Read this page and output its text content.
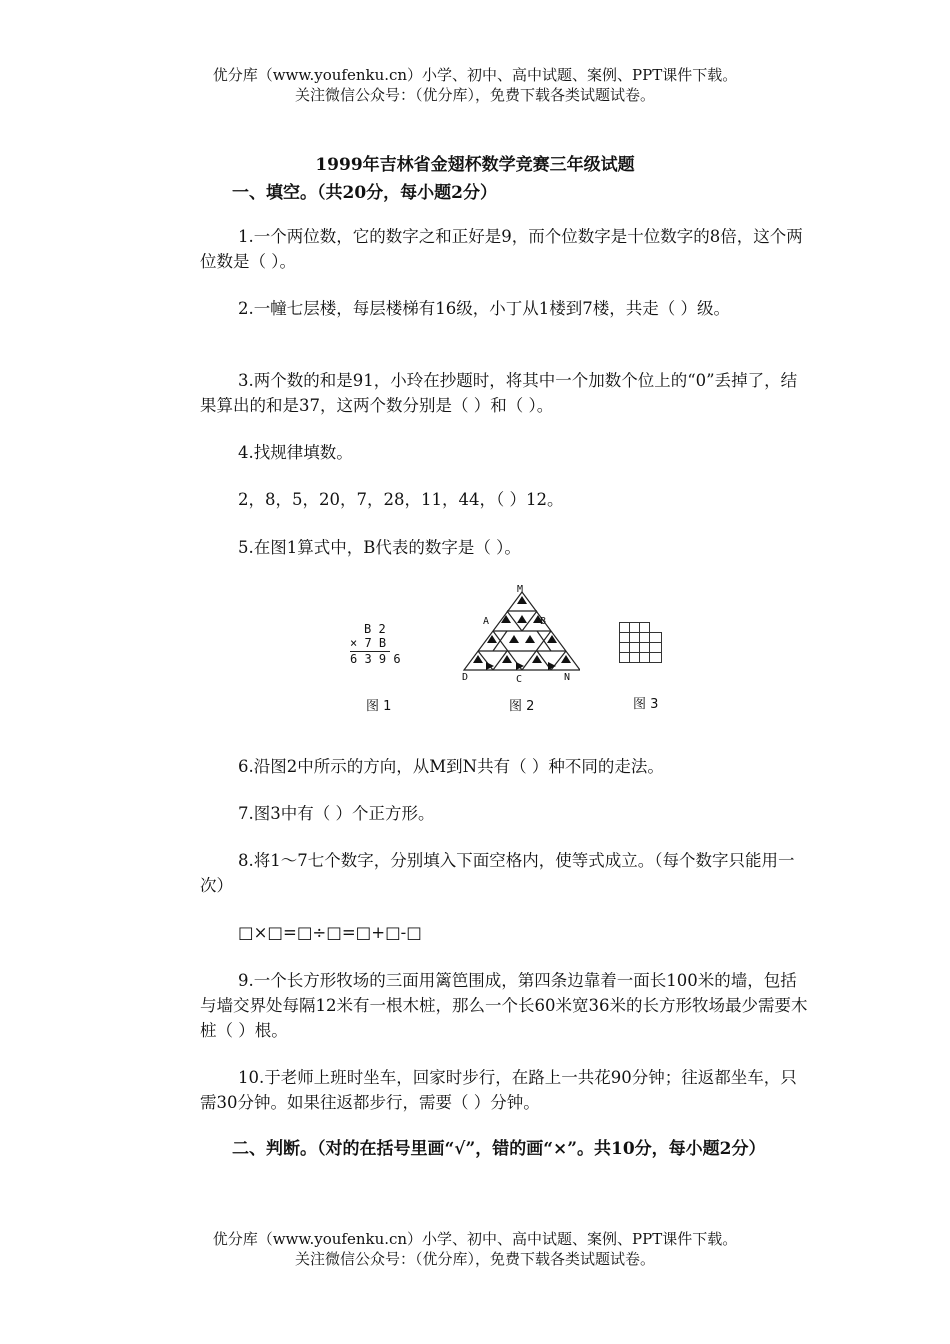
优分库（www.youfenku.cn）小学、初中、高中试题、案例、PPT课件下载。
关注微信公众号：（优分库），免费下载各类试题试卷。
1999年吉林省金翅杯数学竞赛三年级试题
一、填空。（共20分，每小题2分）
1.一个两位数，它的数字之和正好是9，而个位数字是十位数字的8倍，这个两位数是（ ）。
2.一幢七层楼，每层楼梯有16级，小丁从1楼到7楼，共走（ ）级。
3.两个数的和是91，小玲在抄题时，将其中一个加数个位上的“0”丢掉了，结果算出的和是37，这两个数分别是（ ）和（ ）。
4.找规律填数。
2，8，5，20，7，28，11，44，（ ）12。
5.在图1算式中，B代表的数字是（ ）。
B 2
× 7 B
6 3 9 6
图 1
M
A	B
D	C	N
图 2	图 3
6.沿图2中所示的方向，从M到N共有（ ）种不同的走法。
7.图3中有（ ）个正方形。
8.将1～7七个数字，分别填入下面空格内，使等式成立。（每个数字只能用一次）
□×□=□÷□=□+□-□
9.一个长方形牧场的三面用篱笆围成，第四条边靠着一面长100米的墙，包括与墙交界处每隔12米有一根木桩，那么一个长60米宽36米的长方形牧场最少需要木桩（ ）根。
10.于老师上班时坐车，回家时步行，在路上一共花90分钟；往返都坐车，只需30分钟。如果往返都步行，需要（ ）分钟。
二、判断。（对的在括号里画“√”，错的画“×”。共10分，每小题2分）
优分库（www.youfenku.cn）小学、初中、高中试题、案例、PPT课件下载。
关注微信公众号：（优分库），免费下载各类试题试卷。
